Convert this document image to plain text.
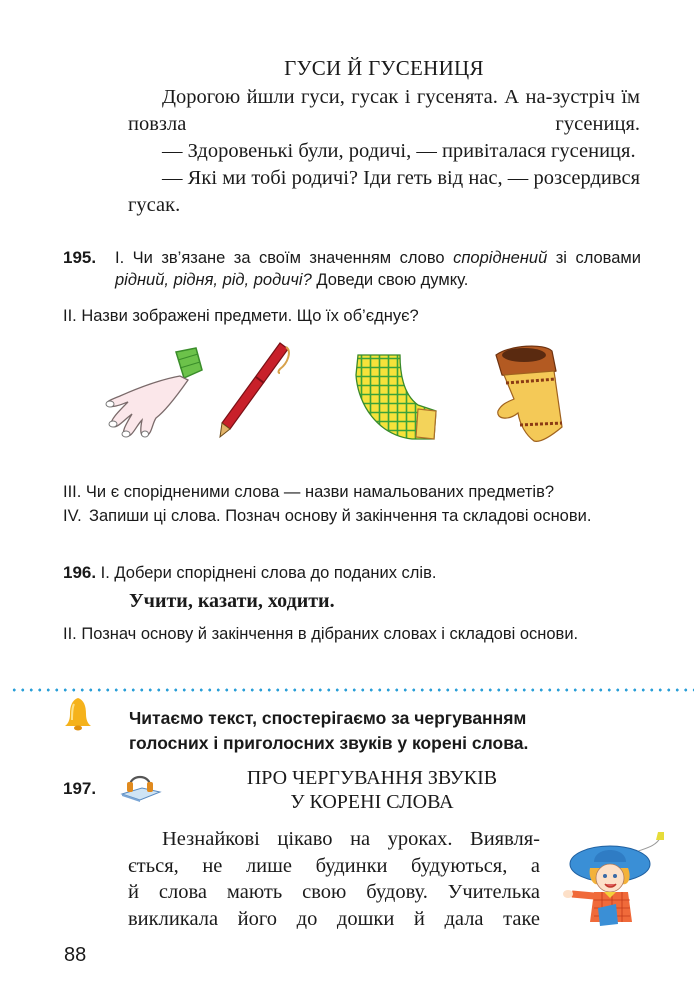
ГУСИ Й ГУСЕНИЦЯ

Дорогою йшли гуси, гусак і гусенята. А на-зустріч їм повзла гусениця.

— Здоровенькі були, родичі, — привіталася гусениця.

— Які ми тобі родичі? Іди геть від нас, — розсердився гусак.

195.	І. Чи зв’язане за своїм значенням слово споріднений зі словами рідний, рідня, рід, родичі? Доведи свою думку.
ІІ. Назви зображені предмети. Що їх об’єднує?
ІІІ. Чи є спорідненими слова — назви намальованих предметів?
ІV. Запиши ці слова. Познач основу й закінчення та складові основи.
196. І. Добери споріднені слова до поданих слів.
Учити, казати, ходити.
ІІ. Познач основу й закінчення в дібраних словах і складові основи.
Читаємо текст, спостерігаємо за чергуванням
голосних і приголосних звуків у корені слова.
197.	ПРО ЧЕРГУВАННЯ ЗВУКІВ
У КОРЕНІ СЛОВА

Незнайкові цікаво на уроках. Виявля-

ється, не лише будинки будуються, а

й слова мають свою будову. Учителька

викликала його до дошки й дала таке

88
